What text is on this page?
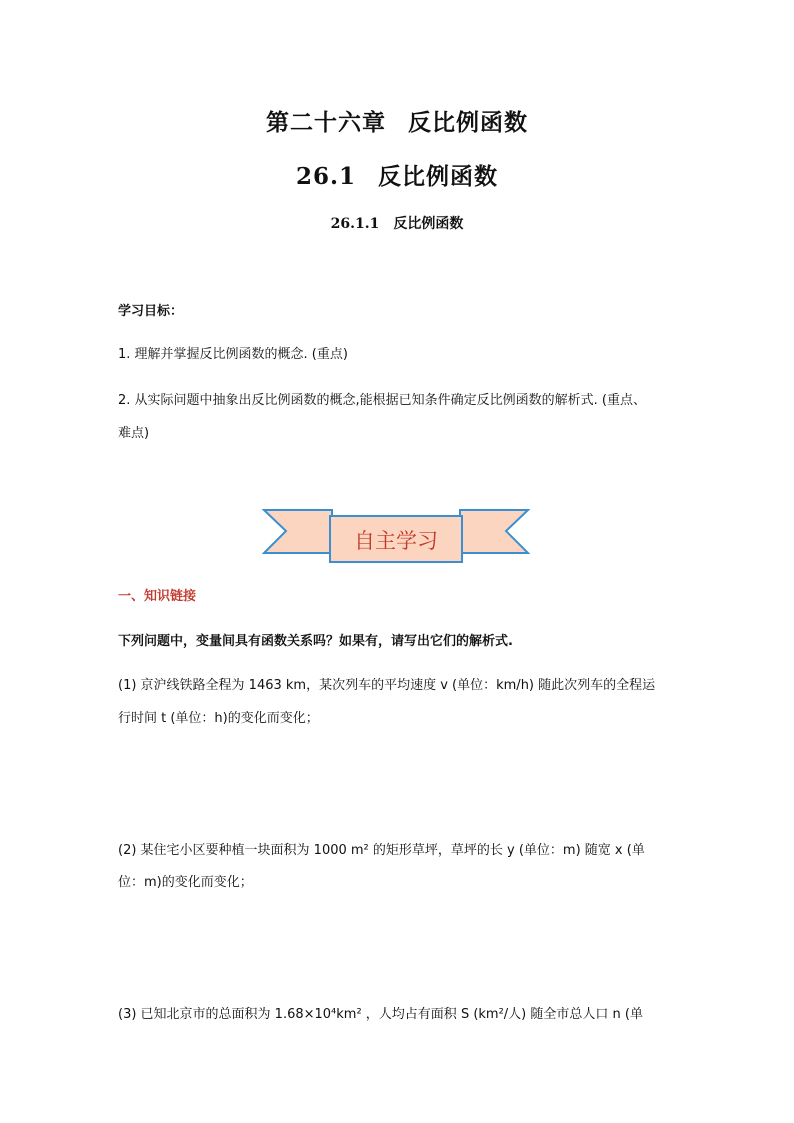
第二十六章 反比例函数
26.1 反比例函数
26.1.1 反比例函数
学习目标：
1. 理解并掌握反比例函数的概念. (重点)
2. 从实际问题中抽象出反比例函数的概念,能根据已知条件确定反比例函数的解析式. (重点、
难点)
自主学习
一、知识链接
下列问题中，变量间具有函数关系吗？如果有，请写出它们的解析式.
(1) 京沪线铁路全程为 1463 km，某次列车的平均速度 v (单位：km/h) 随此次列车的全程运
行时间 t (单位：h)的变化而变化；
(2) 某住宅小区要种植一块面积为 1000 m² 的矩形草坪，草坪的长 y (单位：m) 随宽 x (单
位：m)的变化而变化；
(3) 已知北京市的总面积为 1.68×10⁴km² ，人均占有面积 S (km²/人) 随全市总人口 n (单
